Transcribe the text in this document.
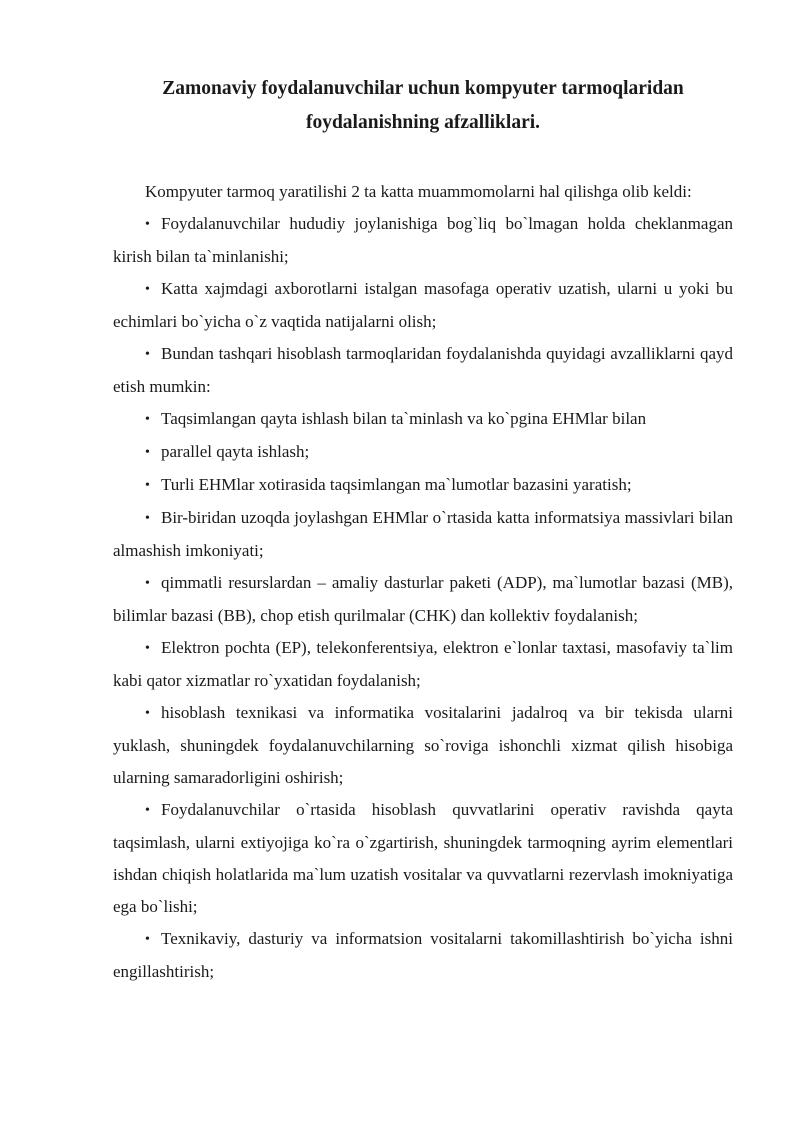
Zamonaviy foydalanuvchilar uchun kompyuter tarmoqlaridan foydalanishning afzalliklari.

Kompyuter tarmoq yaratilishi 2 ta katta muammomolarni hal qilishga olib keldi:

• Foydalanuvchilar hududiy joylanishiga bog`liq bo`lmagan holda cheklanmagan kirish bilan ta`minlanishi;
• Katta xajmdagi axborotlarni istalgan masofaga operativ uzatish, ularni u yoki bu echimlari bo`yicha o`z vaqtida natijalarni olish;
• Bundan tashqari hisoblash tarmoqlaridan foydalanishda quyidagi avzalliklarni qayd etish mumkin:
• Taqsimlangan qayta ishlash bilan ta`minlash va ko`pgina EHMlar bilan
• parallel qayta ishlash;
• Turli EHMlar xotirasida taqsimlangan ma`lumotlar bazasini yaratish;
• Bir-biridan uzoqda joylashgan EHMlar o`rtasida katta informatsiya massivlari bilan almashish imkoniyati;
• qimmatli resurslardan – amaliy dasturlar paketi (ADP), ma`lumotlar bazasi (MB), bilimlar bazasi (BB), chop etish qurilmalar (CHK) dan kollektiv foydalanish;
• Elektron pochta (EP), telekonferentsiya, elektron e`lonlar taxtasi, masofaviy ta`lim kabi qator xizmatlar ro`yxatidan foydalanish;
• hisoblash texnikasi va informatika vositalarini jadalroq va bir tekisda ularni yuklash, shuningdek foydalanuvchilarning so`roviga ishonchli xizmat qilish hisobiga ularning samaradorligini oshirish;
• Foydalanuvchilar o`rtasida hisoblash quvvatlarini operativ ravishda qayta taqsimlash, ularni extiyojiga ko`ra o`zgartirish, shuningdek tarmoqning ayrim elementlari ishdan chiqish holatlarida ma`lum uzatish vositalar va quvvatlarni rezervlash imokniyatiga ega bo`lishi;
• Texnikaviy, dasturiy va informatsion vositalarni takomillashtirish bo`yicha ishni engillashtirish;
